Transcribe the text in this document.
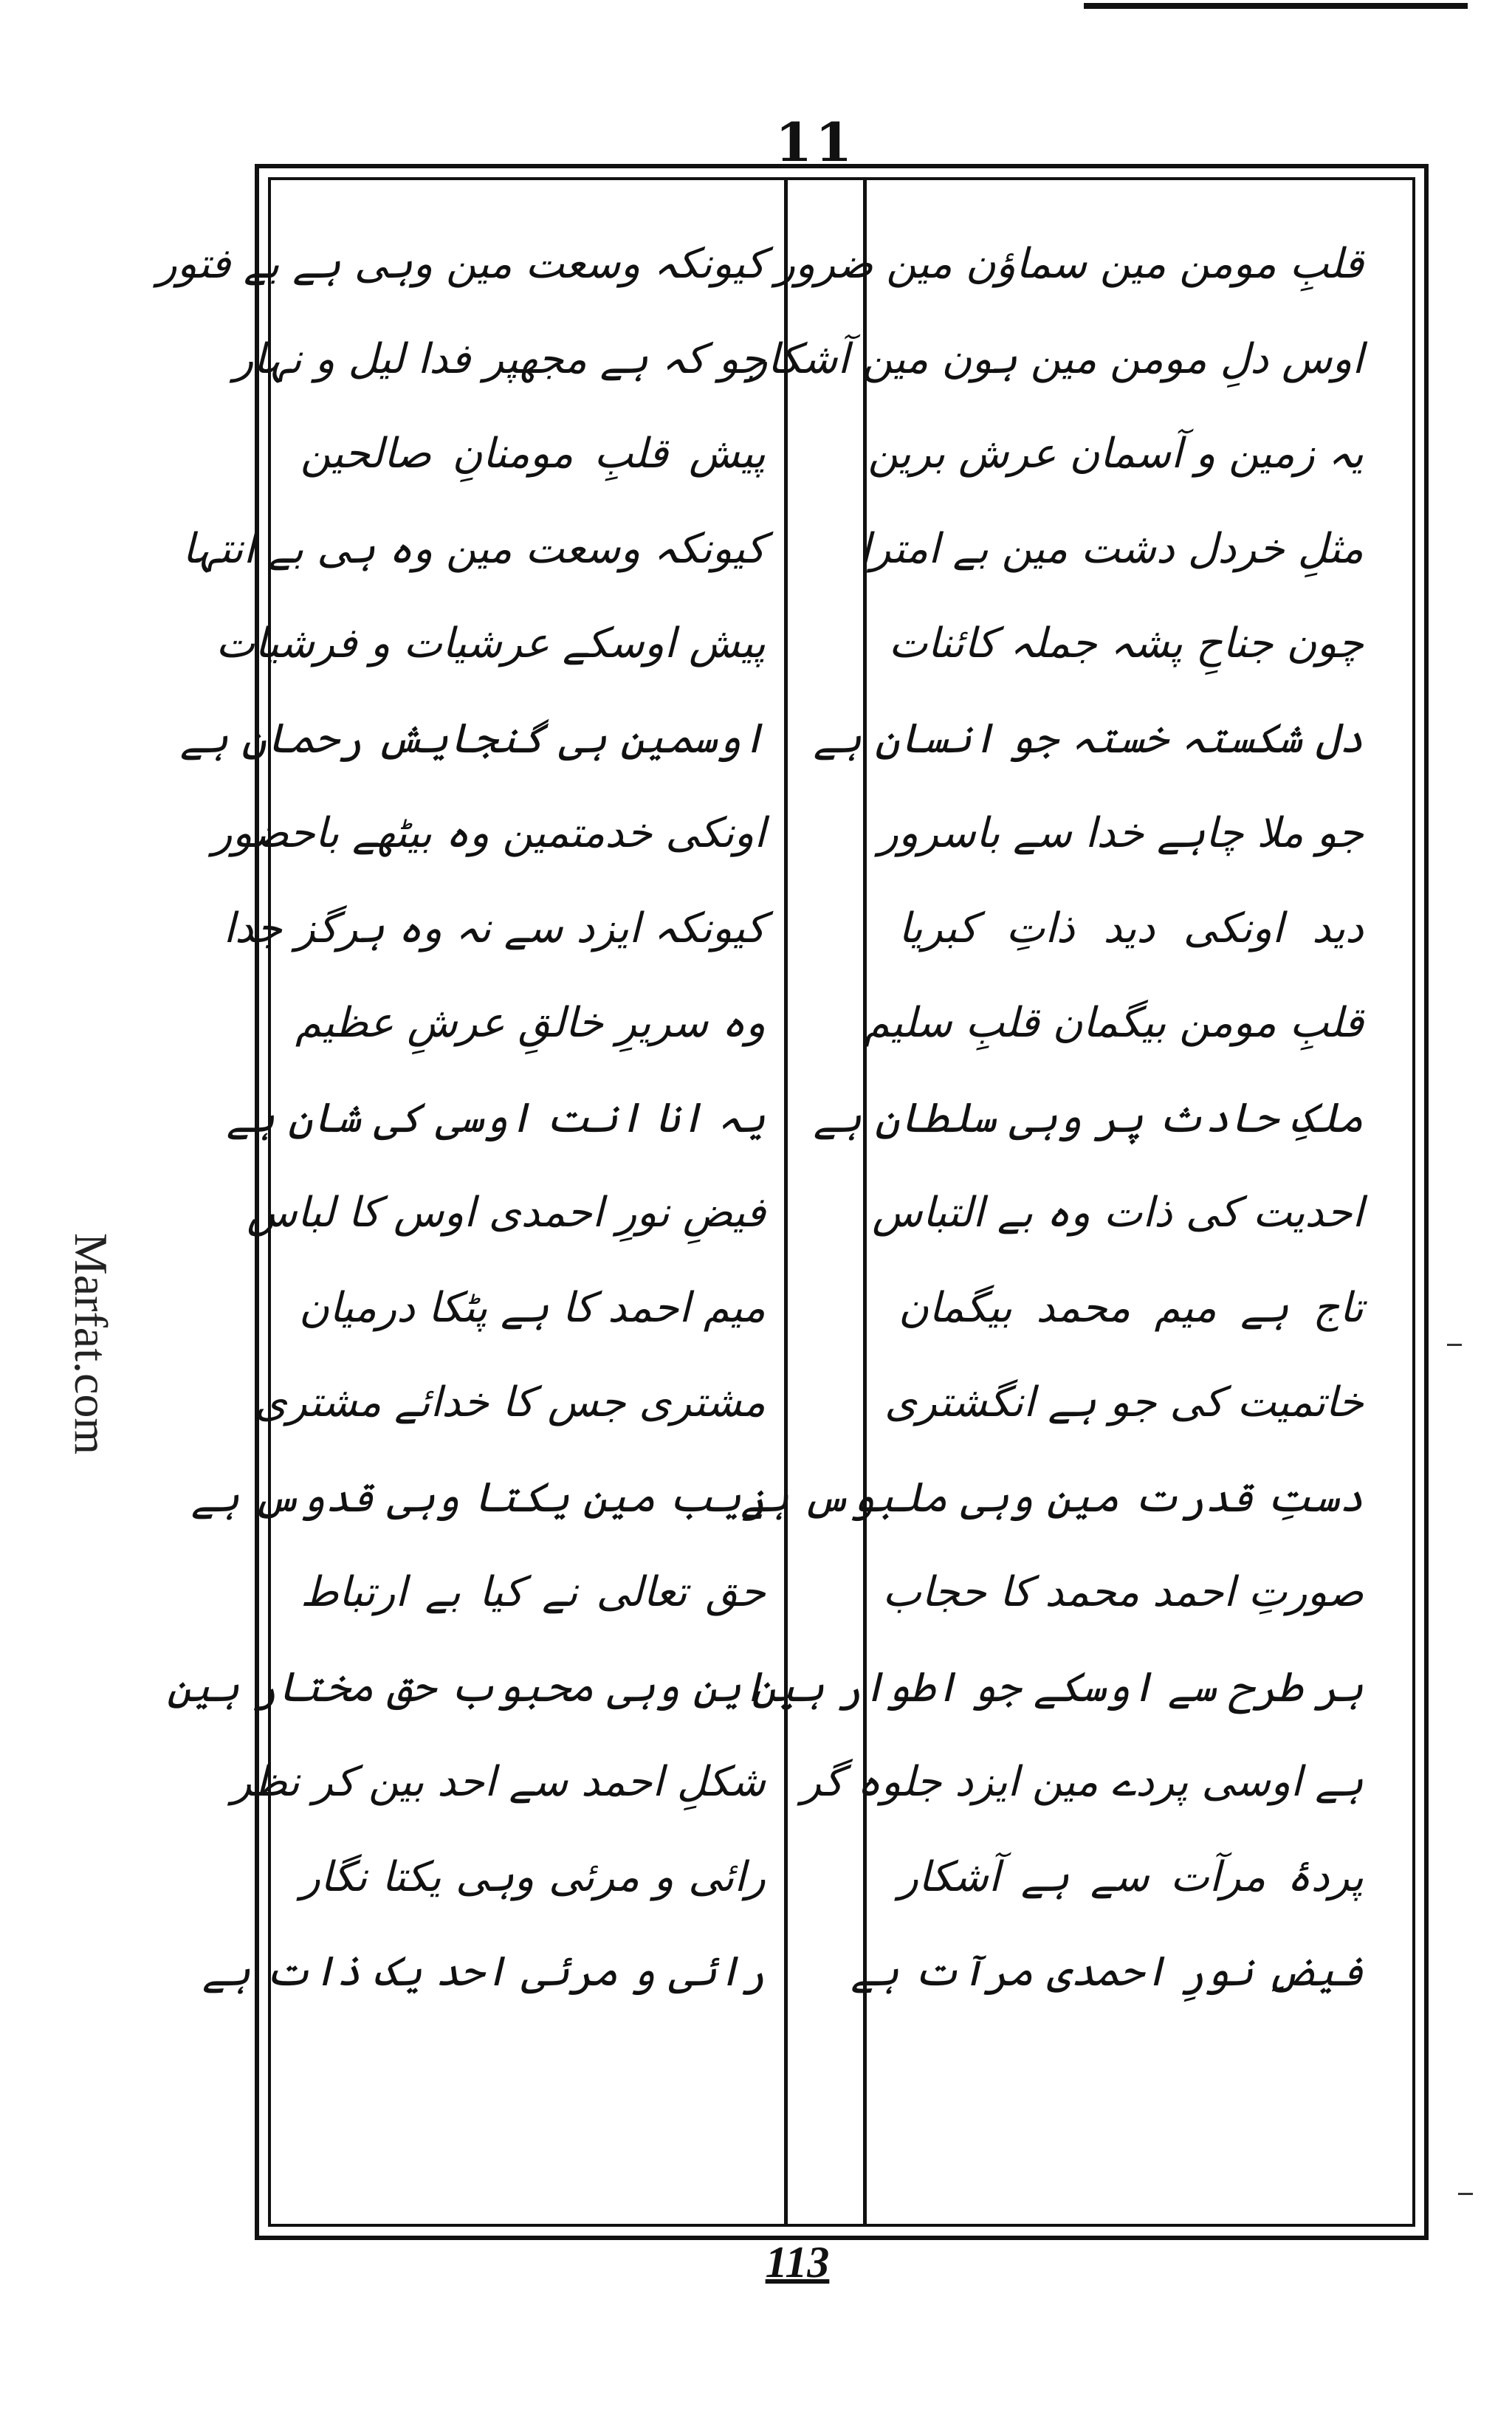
11
Marfat.com
کیونکہ وسعت مین وہی ہے بے فتور
جو کہ ہے مجھپر فدا لیل و نہار
پیش قلبِ مومنانِ صالحین
کیونکہ وسعت مین وہ ہی بے انتہا
پیش اوسکے عرشیات و فرشیات
اوسمین ہی گنجایش رحمان ہے
اونکی خدمتمین وہ بیٹھے باحضور
کیونکہ ایزد سے نہ وہ ہرگز جدا
وہ سریرِ خالقِ عرشِ عظیم
یہ انا انت اوسی کی شان ہے
فیضِ نورِ احمدی اوس کا لباس
میم احمد کا ہے پٹکا درمیان
مشتری جس کا خدائے مشتری
زیب مین یکتا وہی قدوس ہے
حق تعالی نے کیا بے ارتباط
این وہی محبوب حق مختار ہین
شکلِ احمد سے احد بین کر نظر
رائی و مرئی وہی یکتا نگار
رائی و مرئی احد یک ذات ہے
قلبِ مومن مین سماؤن مین ضرور
اوس دلِ مومن مین ہون مین آشکار
یہ زمین و آسمان عرش برین
مثلِ خردل دشت مین بے امترا
چون جناحِ پشہ جملہ کائنات
دل شکستہ خستہ جو انسان ہے
جو ملا چاہے خدا سے باسرور
دید اونکی دید ذاتِ کبریا
قلبِ مومن بیگمان قلبِ سلیم
ملکِ حادث پر وہی سلطان ہے
احدیت کی ذات وہ بے التباس
تاج ہے میم محمد بیگمان
خاتمیت کی جو ہے انگشتری
دستِ قدرت مین وہی ملبوس ہے
صورتِ احمد محمد کا حجاب
ہر طرح سے اوسکے جو اطوار ہین
ہے اوسی پردے مین ایزد جلوہ گر
پردۂ مرآت سے ہے آشکار
فیضِ نورِ احمدی مرآت ہے
113
